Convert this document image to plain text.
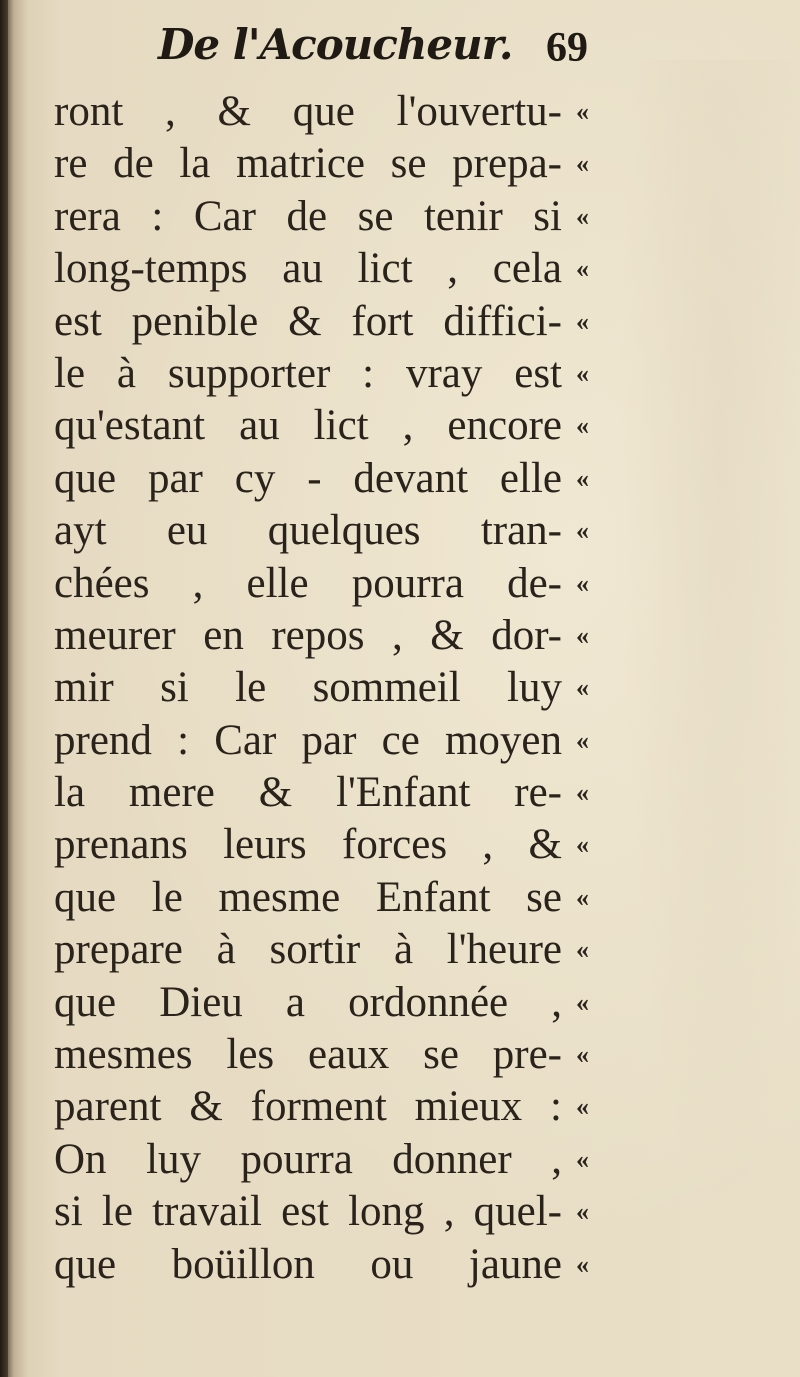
De l'Acoucheur. 69
ront , & que l'ouvertu- «
re de la matrice se prepa- «
rera : Car de se tenir si «
long-temps au lict , cela «
est penible & fort diffici- «
le à supporter : vray est «
qu'estant au lict , encore «
que par cy - devant elle «
ayt eu quelques tran- «
chées , elle pourra de- «
meurer en repos , & dor- «
mir si le sommeil luy «
prend : Car par ce moyen «
la mere & l'Enfant re- «
prenans leurs forces , & «
que le mesme Enfant se «
prepare à sortir à l'heure «
que Dieu a ordonnée , «
mesmes les eaux se pre- «
parent & forment mieux : «
On luy pourra donner , «
si le travail est long , quel- «
que boüillon ou jaune «
